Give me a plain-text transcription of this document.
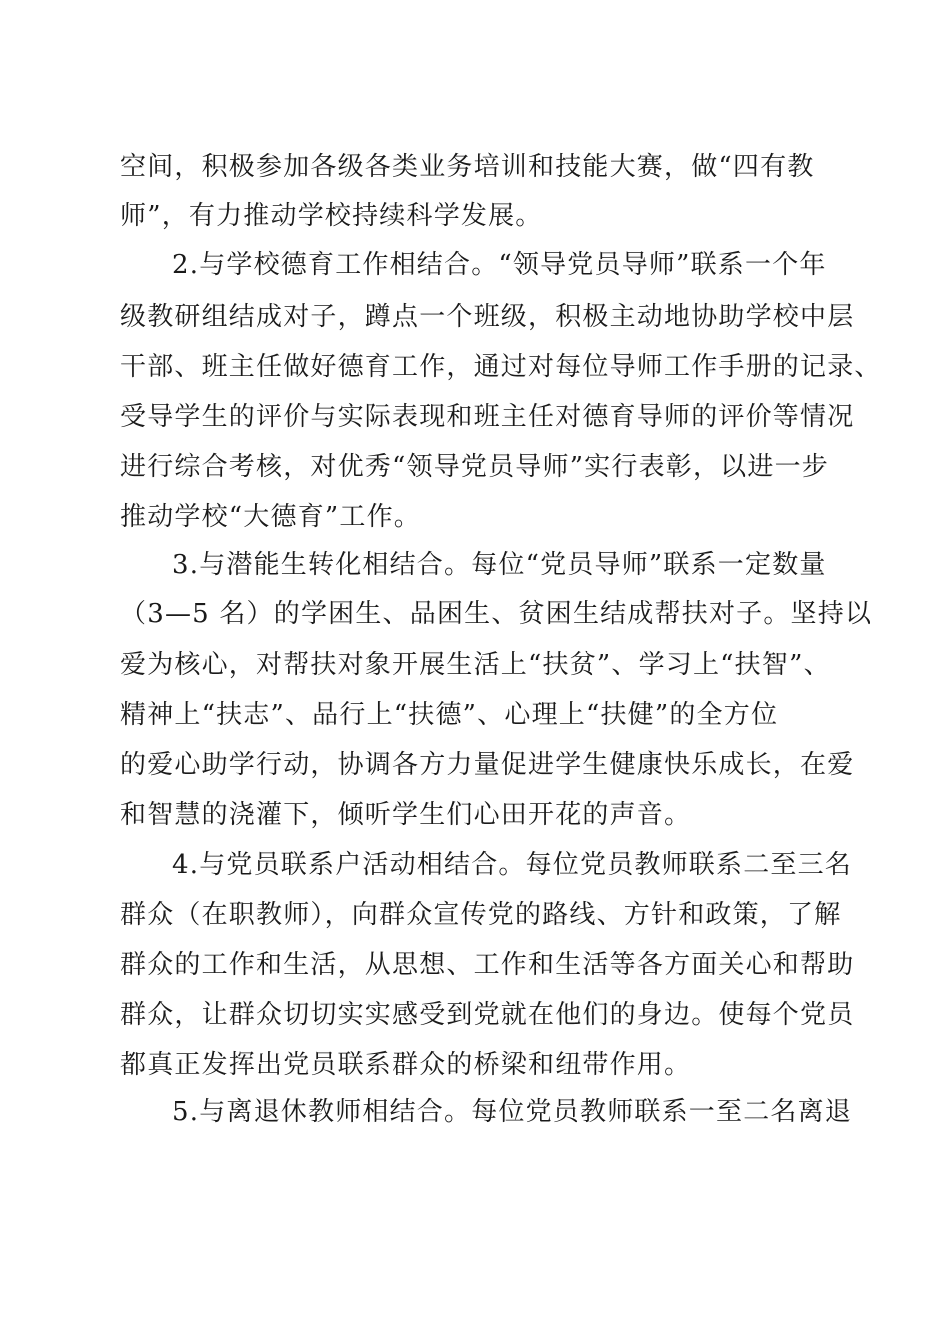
空间，积极参加各级各类业务培训和技能大赛，做“四有教
师”，有力推动学校持续科学发展。
2.与学校德育工作相结合。“领导党员导师”联系一个年
级教研组结成对子，蹲点一个班级，积极主动地协助学校中层
干部、班主任做好德育工作，通过对每位导师工作手册的记录、
受导学生的评价与实际表现和班主任对德育导师的评价等情况
进行综合考核，对优秀“领导党员导师”实行表彰，以进一步
推动学校“大德育”工作。
3.与潜能生转化相结合。每位“党员导师”联系一定数量
（3—5 名）的学困生、品困生、贫困生结成帮扶对子。坚持以
爱为核心，对帮扶对象开展生活上“扶贫”、学习上“扶智”、
精神上“扶志”、品行上“扶德”、心理上“扶健”的全方位
的爱心助学行动，协调各方力量促进学生健康快乐成长，在爱
和智慧的浇灌下，倾听学生们心田开花的声音。
4.与党员联系户活动相结合。每位党员教师联系二至三名
群众（在职教师），向群众宣传党的路线、方针和政策，了解
群众的工作和生活，从思想、工作和生活等各方面关心和帮助
群众，让群众切切实实感受到党就在他们的身边。使每个党员
都真正发挥出党员联系群众的桥梁和纽带作用。
5.与离退休教师相结合。每位党员教师联系一至二名离退
